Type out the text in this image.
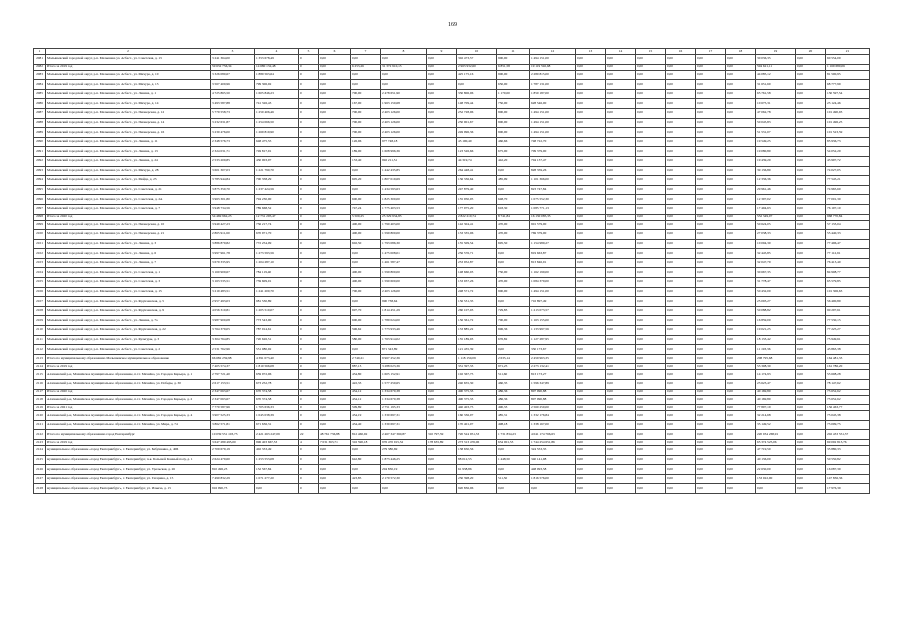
169
1	2	3	4	5	6	7	8	9	10	11	12	13	14	15	16	17	18	19	20	21
2081	Малышевский городской округ, р.п. Малышева ул. Асбест., ул. Советская, д. 13	3 241 364,00	1 353 678,49	0	0,00	0,00	0,00	0,00	302 473,57	900,00	1 494 151,00	0,00	0,00	0,00	0,00	0,00	0,00	30 036,35	0,00	60 554,09
2082	Итого за 2019 год	59 632 756,34	14 680 132,48	0	0,00	6 253,26	31 372 910,13	0,00	2 963 932,60	6 851,58	19 119 592,68	0,00	0,00	0,00	0,00	0,00	0,00	594 621,11	0,00	1 169 680,06
2083	Малышевский городской округ, р.п. Малышева ул. Асбест., ул. Мичура, д. 10	3 326 080,67	1 889 563,64	0	0,00	0,00	0,00	0,00	425 175,16	900,00	2 280 815,00	0,00	0,00	0,00	0,00	0,00	0,00	44 085,12	0,00	81 500,95
2084	Малышевский городской округ, р.п. Малышева ул. Асбест., ул. Мичура, д. 13	3 567 409,96	799 306,92	0	0,00	0,00	0,00	0,00	0,00	650,00	1 787 131,00	0,00	0,00	0,00	0,00	0,00	0,00	31 651,60	0,00	68 777,99
2085	Малышевский городской округ, р.п. Малышева ул. Асбест., ул. Ленина, д. 1	4 725 865,50	1 605 846,23	0	0,00	700,00	2 478 651,90	0,00	330 806,06	1 170,00	1 850 187,00	0,00	0,00	0,00	0,00	0,00	0,00	65 761,58	0,00	130 597,54
2086	Малышевский городской округ, р.п. Малышева ул. Асбест., ул. Мичура, д. 14	3 493 587,88	741 326,43	0	0,00	167,00	1 963 150,68	0,00	148 709,44	750,00	628 546,00	0,00	0,00	0,00	0,00	0,00	0,00	10 675,31	0,00	23 124,46
2087	Малышевский городской округ, р.п. Малышева ул. Асбест., ул. Пионерская, д. 12	5 779 558,73	1 250 406,46	0	0,00	700,00	2 403 126,00	0,00	252 728,96	900,00	1 494 151,00	0,00	0,00	0,00	0,00	0,00	0,00	47 062,78	0,00	101 490,93
2088	Малышевский городской округ, р.п. Малышева ул. Асбест., ул. Пионерская, д. 14	3 232 631,87	1 254 066,50	0	0,00	700,00	2 403 126,00	0,00	250 901,67	900,00	1 494 151,00	0,00	0,00	0,00	0,00	0,00	0,00	50 045,83	0,00	101 496,25
2089	Малышевский городской округ, р.п. Малышева ул. Асбест., ул. Пионерская, д. 16	3 230 476,00	1 269 819,90	0	0,00	700,00	2 403 126,00	0,00	249 996,36	900,00	1 494 151,00	0,00	0,00	0,00	0,00	0,00	0,00	51 531,07	0,00	101 523,59
2090	Малышевский городской округ, р.п. Малышева ул. Асбест., ул. Ленина, д. 11	2 348 576,73	648 475,55	0	0,00	126,96	977 748,18	0,00	45 190,40	460,66	748 722,70	0,00	0,00	0,00	0,00	0,00	0,00	19 549,25	0,00	85 936,73
2091	Малышевский городской округ, р.п. Малышева ул. Асбест., ул. Ленина, д. 13	2 324 031,71	749 817,91	0	0,00	189,00	1 608 996,36	0,00	123 526,66	675,00	709 379,00	0,00	0,00	0,00	0,00	0,00	0,00	19 080,80	0,00	54 052,29
2092	Малышевский городской округ, р.п. Малышева ул. Асбест., ул. Ленина, д. 24	2 533 209,85	430 003,97	0	0,00	133,40	992 211,51	0,00	44 319,74	442,20	704 137,47	0,00	0,00	0,00	0,00	0,00	0,00	19 439,20	0,00	43 997,72
2093	Малышевский городской округ, р.п. Малышева ул. Асбест., ул. Мичура, д. 28	3 601 307,03	1 221 790,70	0	0,00	0,00	1 442 435,85	0,00	264 448,41	0,00	828 359,26	0,00	0,00	0,00	0,00	0,00	0,00	39 136,80	0,00	74 027,05
2094	Малышевский городской округ, р.п. Малышева ул. Асбест., ул. Мейда, д. 25	3 785 944,84	700 358,29	0	0,00	605,20	1 807 019,69	0,00	136 336,64	485,99	1 101 366,00	0,00	0,00	0,00	0,00	0,00	0,00	12 336,36	0,00	77 545,21
2095	Малышевский городской округ, р.п. Малышева ул. Асбест., ул. Советская, д. 21	3 875 350,70	1 237 424,56	0	0,00	0,00	1 434 593,63	0,00	247 879,40	0,00	823 747,84	0,00	0,00	0,00	0,00	0,00	0,00	29 961,46	0,00	74 965,60
2096	Малышевский городской округ, р.п. Малышева ул. Асбест., ул. Советская, д. 2А	3 963 301,80	794 230,90	0	0,00	600,90	1 825 300,00	0,00	155 950,05	648,70	1 075 552,30	0,00	0,00	0,00	0,00	0,00	0,00	12 397,02	0,00	77 001,30
2097	Малышевский городской округ, р.п. Малышева ул. Асбест., ул. Советская, д. 7	3 948 734,56	789 668,52	0	0,00	747,24	1 775 403,53	0,00	177 975,20	618,30	1 085 771,13	0,00	0,00	0,00	0,00	0,00	0,00	17 494,63	0,00	76 197,10
2098	Итого за 2020 год	54 469 962,23	12 731 295,47	0	0,00	5 509,25	25 329 934,83	0,00	2 822 210,74	8 741,84	16 130 085,35	0,00	0,00	0,00	0,00	0,00	0,00	532 349,07	0,00	968 770,84
2099	Малышевский городской округ, р.п. Малышева ул. Асбест., ул. Пионерская, д. 10	3 949 427,23	736 217,74	0	0,00	400,00	1 790 403,00	0,00	142 304,41	470,00	901 579,00	0,00	0,00	0,00	0,00	0,00	0,00	50 624,05	0,00	57 133,04
2100	Малышевский городской округ, р.п. Малышева ул. Асбест., ул. Пионерская, д. 21	2 865 911,60	670 971,70	0	0,00	400,00	1 599 800,00	0,00	133 335,06	470,00	769 379,00	0,00	0,00	0,00	0,00	0,00	0,00	27 038,33	0,00	55 440,33
2101	Малышевский городской округ, р.п. Малышева ул. Асбест., ул. Ленина, д. 3	3 886 879,82	772 254,09	0	0,00	602,50	1 793 086,30	0,00	155 509,54	695,50	1 154 989,27	0,00	0,00	0,00	0,00	0,00	0,00	10 094,30	0,00	77 496,47
2102	Малышевский городской округ, р.п. Малышева ул. Асбест., ул. Ленина, д. 6	3 997 961,78	1 273 593,56	0	0,00	0,00	1 475 008,01	0,00	256 576,71	0,00	819 663,87	0,00	0,00	0,00	0,00	0,00	0,00	32 445,85	0,00	77 112,91
2103	Малышевский городской округ, р.п. Малышева ул. Асбест., ул. Ленина, д. 7	3 679 335,95	1 204 287,10	0	0,00	0,00	1 461 587,47	0,00	253 952,87	0,00	813 846,91	0,00	0,00	0,00	0,00	0,00	0,00	32 047,79	0,00	76 413,40
2104	Малышевский городской округ, р.п. Малышева ул. Асбест., ул. Советская, д. 1	3 160 909,67	784 119,40	0	0,00	400,00	1 599 800,00	0,00	148 660,03	730,00	1 162 199,00	0,00	0,00	0,00	0,00	0,00	0,00	30 667,35	0,00	84 908,77
2105	Малышевский городской округ, р.п. Малышева ул. Асбест., ул. Советская, д. 3	3 163 535,51	739 609,01	0	0,00	400,00	1 590 600,00	0,00	133 937,26	470,00	1 084 379,00	0,00	0,00	0,00	0,00	0,00	0,00	31 778,47	0,00	65 579,85
2106	Малышевский городской округ, р.п. Малышева ул. Асбест., ул. Советская, д. 15	3 219 483,51	1 241 200,70	0	0,00	700,00	2 403 126,00	0,00	248 571,72	900,00	1 494 151,00	0,00	0,00	0,00	0,00	0,00	0,00	50 432,00	0,00	101 306,63
2107	Малышевский городской округ, р.п. Малышева ул. Асбест., ул. Фрунзенская, д. 5	2 957 493,03	981 530,89	0	0,00	0,00	990 738,64	0,00	156 531,35	0,00	716 897,49	0,00	0,00	0,00	0,00	0,00	0,00	25 093,27	0,00	56 400,89
2108	Малышевский городской округ, р.п. Малышева ул. Асбест., ул. Фрунзенская, д. 9	4 056 310,81	1 205 510,07	0	0,00	697,70	1 814 451,29	0,00	260 107,03	729,83	1 213 073,57	0,00	0,00	0,00	0,00	0,00	0,00	50 088,82	0,00	90 297,61
2109	Малышевский городской округ, р.п. Малышева ул. Асбест., ул. Ленина, д. 7а	3 987 900,08	773 543,90	0	0,00	600,00	1 789 024,00	0,00	156 361,72	700,00	1 163 155,00	0,00	0,00	0,00	0,00	0,00	0,00	16 859,00	0,00	77 530,15
2110	Малышевский городской округ, р.п. Малышева ул. Асбест., ул. Фрунзенская, д. 22	3 764 379,05	787 914,61	0	0,00	596,62	1 773 933,46	0,00	133 885,22	696,36	1 133 997,56	0,00	0,00	0,00	0,00	0,00	0,00	19 021,25	0,00	77 225,27
2111	Малышевский городской округ, р.п. Малышева ул. Асбест., ул. Культуры, д. 3	3 304 764,85	720 626,51	0	0,00	580,00	1 763 914,02	0,00	155 189,03	676,82	1 127 287,95	0,00	0,00	0,00	0,00	0,00	0,00	18 133,42	0,00	75 949,61
2112	Малышевский городской округ, р.п. Малышева ул. Асбест., ул. Советская, д. 2	2 531 762,96	551 080,92	0	0,00	0,00	871 343,89	0,00	121 435,39	0,00	330 173,67	0,00	0,00	0,00	0,00	0,00	0,00	11 193,36	0,00	43 863,38
2113	Итого по муниципальному образованию Малышевское муниципальное образование	66 682 259,98	4 391 073,40	0	0,00	2 749,21	9 967 252,36	0,00	1 118 150,09	2 635,14	2 459 963,35	0,00	0,00	0,00	0,00	0,00	0,00	208 795,68	0,00	164 481,33
2114	Итого за 2019 год	7 405 574,37	1 810 566,08	0	0,00	887,13	3 288 023,36	0,00	331 397,33	971,25	2 273 132,41	0,00	0,00	0,00	0,00	0,00	0,00	53 308,30	0,00	161 786,20
2115	Алапаевский р-н, Махнёвское муниципальное образование, п.г.т. Махнёво, ул. Городок Карьера, д. 1	2 797 721,40	659 972,96	0	0,00	434,80	1 605 152,91	0,00	102 367,75	511,60	813 173,27	0,00	0,00	0,00	0,00	0,00	0,00	14 174,93	0,00	53 608,28
2116	Алапаевский р-н, Махнёвское муниципальное образование, п.г.т. Махнёво, ул. Победы, д. 30	2 617 153,51	673 252,78	0	0,00	422,33	1 577 250,65	0,00	240 655,30	460,35	1 596 347,89	0,00	0,00	0,00	0,00	0,00	0,00	23 623,47	0,00	78 147,62
2117	Итого за 2020 год	2 347 063,67	670 374,58	0	0,00	434,12	1 334 670,38	0,00	490 375,33	486,36	807 990,88	0,00	0,00	0,00	0,00	0,00	0,00	40 169,80	0,00	73 652,62
2118	Алапаевский р-н, Махнёвское муниципальное образование, п.г.т. Махнёво, ул. Городок Карьера, д. 2	2 347 063,67	670 374,58	0	0,00	434,12	1 334 670,38	0,00	490 375,33	486,36	807 990,88	0,00	0,00	0,00	0,00	0,00	0,00	40 169,80	0,00	73 652,62
2119	Итого за 2021 год	7 770 587,96	1 705 636,33	0	0,00	509,89	2 751 195,33	0,00	440 403,75	490,33	2 560 250,00	0,00	0,00	0,00	0,00	0,00	0,00	77 897,19	0,00	156 463,77
2120	Алапаевский р-н, Махнёвское муниципальное образование, п.г.т. Махнёво, ул. Городок Карьера, д. 4	3 907 525,33	1 045 038,39	0	0,00	454,19	1 330 697,31	0,00	160 336,07	485,31	1 332 176,84	0,00	0,00	0,00	0,00	0,00	0,00	32 214,68	0,00	73 045,38
2121	Алапаевский р-н, Махнёвское муниципальное образование, п.г.т. Махнёво, ул. Мира, д. 74	3 862 571,81	671 636,31	0	0,00	434,40	1 330 697,31	0,00	170 401,07	498,18	1 338 167,00	0,00	0,00	0,00	0,00	0,00	0,00	35 149,52	0,00	73 009,75
2122	Итого по муниципальному образованию город Екатеринбург	10 039 551 103,73	2 421 263 247,09	22	48 761 736,88	812 460,92	2 467 347 360,87	310 797,59	720 524 951,33	1 731 834,23	4 041 174 766,63	0,00	0,00	0,00	0,00	0,00	0,00	220 034 268,91	0,00	202 433 551,37
2123	Итого за 2019 год	3 647 289 495,00	996 403 667,53	4	7 031 363,71	316 590,18	976 470 915,32	178 635,89	273 313 476,06	634 001,53	1 744 254 651,86	0,00	0,00	0,00	0,00	0,00	0,00	65 374 525,06	0,00	69 092 813,76
2124	муниципальное образование «город Екатеринбург», г. Екатеринбург, ул. Бабушкина, д. 40Б	2 709 679,19	402 333,49	0	0,00	0,00	279 380,69	0,00	138 650,56	0,00	324 553,35	0,00	0,00	0,00	0,00	0,00	0,00	47 719,50	0,00	35 880,33
2125	муниципальное образование «город Екатеринбург», г. Екатеринбург, п-к. Большой Конный полу, д. 1	2 624 479,60	1 253 553,08	0	0,00	642,80	1 873 446,25	0,00	88 012,55	1 448,50	340 141,98	0,00	0,00	0,00	0,00	0,00	0,00	40 136,00	0,00	50 550,82
2126	муниципальное образование «город Екатеринбург», г. Екатеринбург, ул. Уральская, д. 26	810 496,23	132 567,84	0	0,00	0,00	204 830,19	0,00	61 938,86	0,00	448 093,58	0,00	0,00	0,00	0,00	0,00	0,00	22 630,00	0,00	16 087,39
2127	муниципальное образование «город Екатеринбург», г. Екатеринбург, ул. Гагарина, д. 15	7 490 832,29	1 071 277,20	0	0,00	423,85	2 179 572,30	0,00	230 398,20	511,50	1 816 576,00	0,00	0,00	0,00	0,00	0,00	0,00	133 022,90	0,00	147 836,36
2128	муниципальное образование «город Екатеринбург», г. Екатеринбург, ул. Ильича, д. 15	916 990,73	0,00	0	0,00	0,00	0,00	0,00	920 836,96	0,00	0,00	0,00	0,00	0,00	0,00	0,00	0,00	0,00	0,00	17 976,39
